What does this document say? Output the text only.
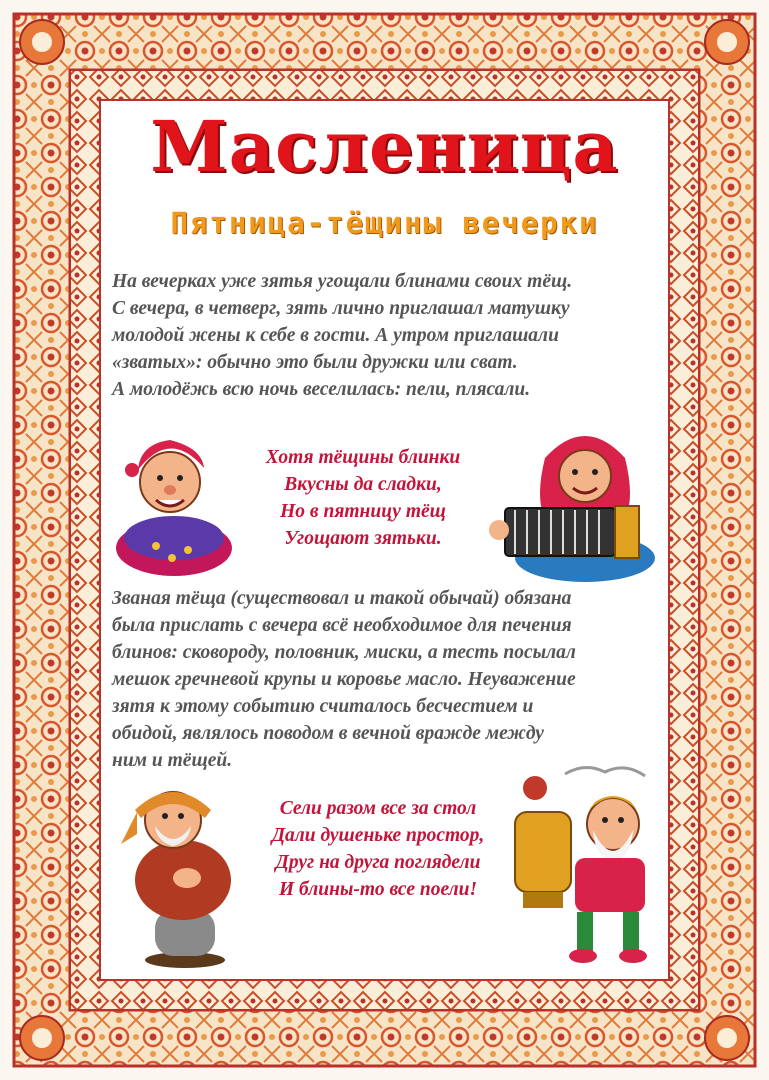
Масленица
Пятница-тёщины вечерки

На вечерках уже зятья угощали блинами своих тёщ.
С вечера, в четверг, зять лично приглашал матушку
молодой жены к себе в гости. А утром приглашали
«зватых»: обычно это были дружки или сват.
А молодёжь всю ночь веселилась: пели, плясали.

Хотя тёщины блинки
Вкусны да сладки,
Но в пятницу тёщ
Угощают зятьки.

Званая тёща (существовал и такой обычай) обязана
была прислать с вечера всё необходимое для печения
блинов: сковороду, половник, миски, а тесть посылал
мешок гречневой крупы и коровье масло. Неуважение
зятя к этому событию считалось бесчестием и
обидой, являлось поводом в вечной вражде между
ним и тёщей.

Сели разом все за стол
Дали душеньке простор,
Друг на друга поглядели
И блины-то все поели!
